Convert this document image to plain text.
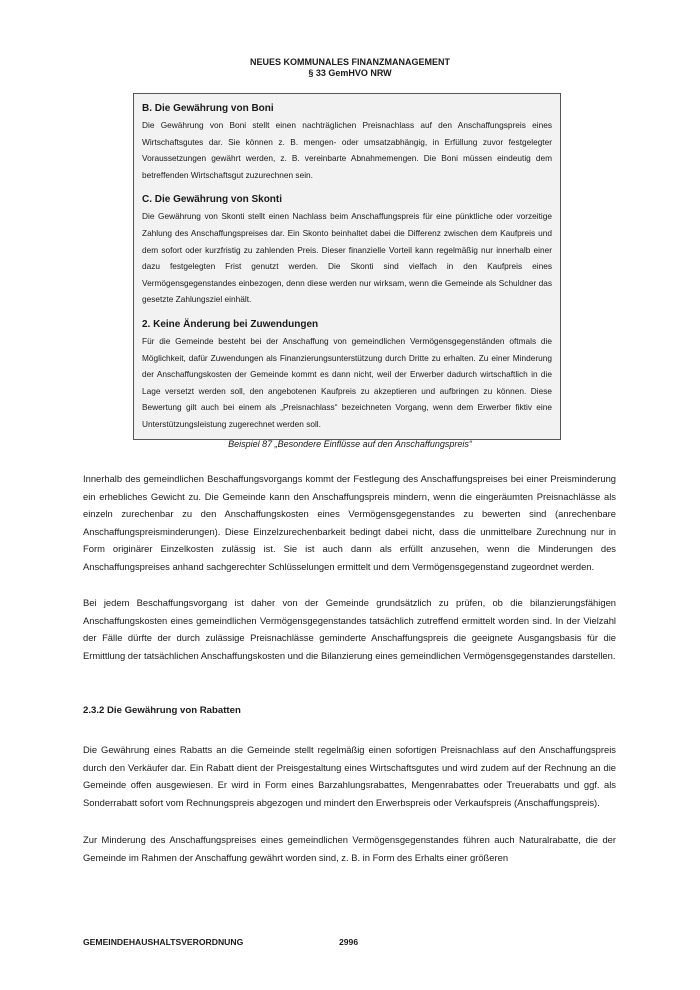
NEUES KOMMUNALES FINANZMANAGEMENT
§ 33 GemHVO NRW
B. Die Gewährung von Boni

Die Gewährung von Boni stellt einen nachträglichen Preisnachlass auf den Anschaffungspreis eines Wirtschaftsgutes dar. Sie können z. B. mengen- oder umsatzabhängig, in Erfüllung zuvor festgelegter Voraussetzungen gewährt werden, z. B. vereinbarte Abnahmemengen. Die Boni müssen eindeutig dem betreffenden Wirtschaftsgut zuzurechnen sein.

C. Die Gewährung von Skonti

Die Gewährung von Skonti stellt einen Nachlass beim Anschaffungspreis für eine pünktliche oder vorzeitige Zahlung des Anschaffungspreises dar. Ein Skonto beinhaltet dabei die Differenz zwischen dem Kaufpreis und dem sofort oder kurzfristig zu zahlenden Preis. Dieser finanzielle Vorteil kann regelmäßig nur innerhalb einer dazu festgelegten Frist genutzt werden. Die Skonti sind vielfach in den Kaufpreis eines Vermögensgegenstandes einbezogen, denn diese werden nur wirksam, wenn die Gemeinde als Schuldner das gesetzte Zahlungsziel einhält.

2. Keine Änderung bei Zuwendungen

Für die Gemeinde besteht bei der Anschaffung von gemeindlichen Vermögensgegenständen oftmals die Möglichkeit, dafür Zuwendungen als Finanzierungsunterstützung durch Dritte zu erhalten. Zu einer Minderung der Anschaffungskosten der Gemeinde kommt es dann nicht, weil der Erwerber dadurch wirtschaftlich in die Lage versetzt werden soll, den angebotenen Kaufpreis zu akzeptieren und aufbringen zu können. Diese Bewertung gilt auch bei einem als „Preisnachlass“ bezeichneten Vorgang, wenn dem Erwerber fiktiv eine Unterstützungsleistung zugerechnet werden soll.

Beispiel 87 „Besondere Einflüsse auf den Anschaffungspreis“

Innerhalb des gemeindlichen Beschaffungsvorgangs kommt der Festlegung des Anschaffungspreises bei einer Preisminderung ein erhebliches Gewicht zu. Die Gemeinde kann den Anschaffungspreis mindern, wenn die eingeräumten Preisnachlässe als einzeln zurechenbar zu den Anschaffungskosten eines Vermögensgegenstandes zu bewerten sind (anrechenbare Anschaffungspreisminderungen). Diese Einzelzurechenbarkeit bedingt dabei nicht, dass die unmittelbare Zurechnung nur in Form originärer Einzelkosten zulässig ist. Sie ist auch dann als erfüllt anzusehen, wenn die Minderungen des Anschaffungspreises anhand sachgerechter Schlüsselungen ermittelt und dem Vermögensgegenstand zugeordnet werden.

Bei jedem Beschaffungsvorgang ist daher von der Gemeinde grundsätzlich zu prüfen, ob die bilanzierungsfähigen Anschaffungskosten eines gemeindlichen Vermögensgegenstandes tatsächlich zutreffend ermittelt worden sind. In der Vielzahl der Fälle dürfte der durch zulässige Preisnachlässe geminderte Anschaffungspreis die geeignete Ausgangsbasis für die Ermittlung der tatsächlichen Anschaffungskosten und die Bilanzierung eines gemeindlichen Vermögensgegenstandes darstellen.

2.3.2 Die Gewährung von Rabatten

Die Gewährung eines Rabatts an die Gemeinde stellt regelmäßig einen sofortigen Preisnachlass auf den Anschaffungspreis durch den Verkäufer dar. Ein Rabatt dient der Preisgestaltung eines Wirtschaftsgutes und wird zudem auf der Rechnung an die Gemeinde offen ausgewiesen. Er wird in Form eines Barzahlungsrabattes, Mengenrabattes oder Treuerabatts und ggf. als Sonderrabatt sofort vom Rechnungspreis abgezogen und mindert den Erwerbspreis oder Verkaufspreis (Anschaffungspreis).

Zur Minderung des Anschaffungspreises eines gemeindlichen Vermögensgegenstandes führen auch Naturalrabatte, die der Gemeinde im Rahmen der Anschaffung gewährt worden sind, z. B. in Form des Erhalts einer größeren

GEMEINDEHAUSHALTSVERORDNUNG	2996
